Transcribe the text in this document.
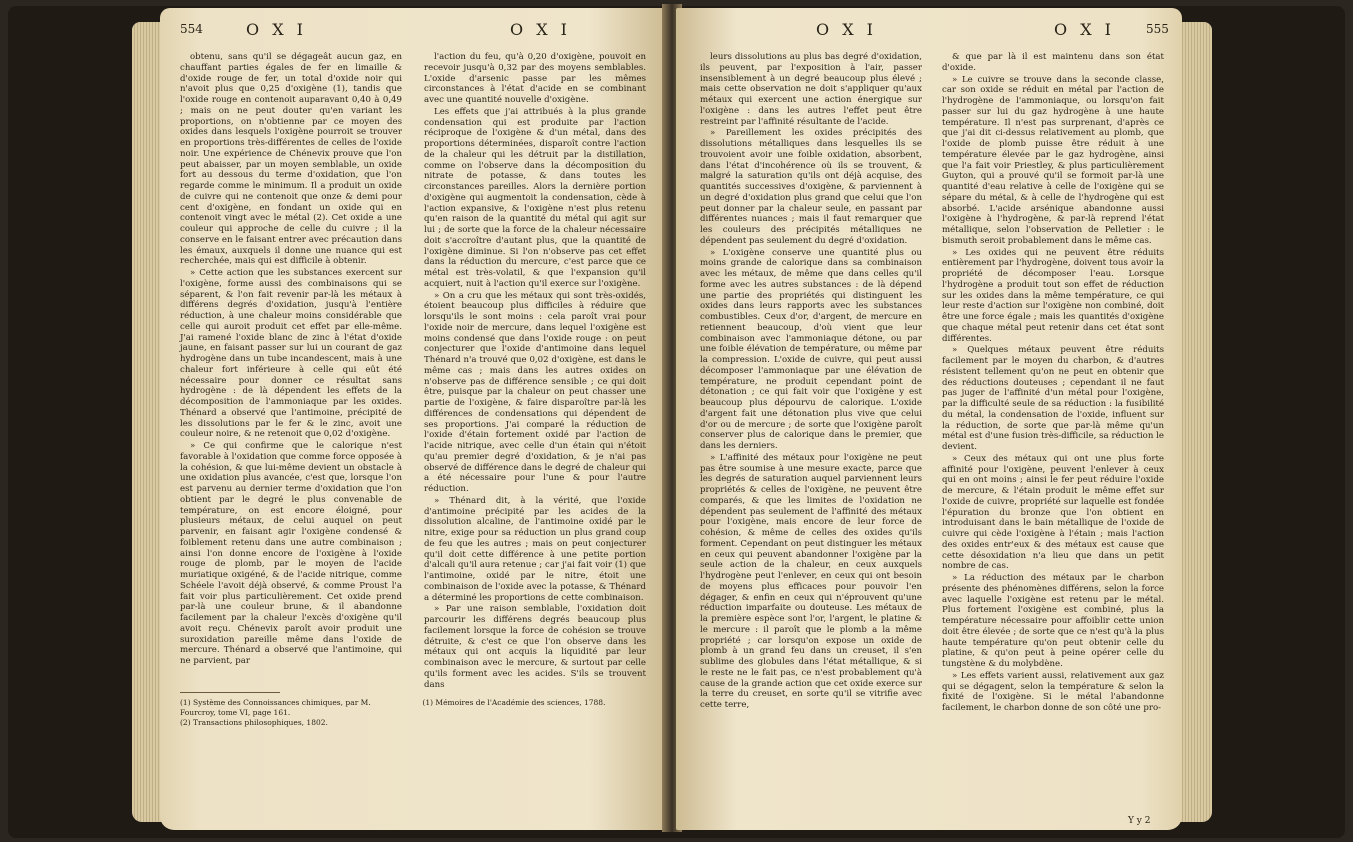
554	O X I	O X I

obtenu, sans qu'il se dégageât aucun gaz, en chauffant parties égales de fer en limaille & d'oxide rouge de fer, un total d'oxide noir qui n'avoit plus que 0,25 d'oxigène (1), tandis que l'oxide rouge en contenoit auparavant 0,40 à 0,49 ; mais on ne peut douter qu'en variant les proportions, on n'obtienne par ce moyen des oxides dans lesquels l'oxigène pourroit se trouver en proportions très-différentes de celles de l'oxide noir. Une expérience de Chénevix prouve que l'on peut abaisser, par un moyen semblable, un oxide fort au dessous du terme d'oxidation, que l'on regarde comme le minimum. Il a produit un oxide de cuivre qui ne contenoit que onze & demi pour cent d'oxigène, en fondant un oxide qui en contenoit vingt avec le métal (2). Cet oxide a une couleur qui approche de celle du cuivre ; il la conserve en le faisant entrer avec précaution dans les émaux, auxquels il donne une nuance qui est recherchée, mais qui est difficile à obtenir.

» Cette action que les substances exercent sur l'oxigène, forme aussi des combinaisons qui se séparent, & l'on fait revenir par-là les métaux à différens degrés d'oxidation, jusqu'à l'entière réduction, à une chaleur moins considérable que celle qui auroit produit cet effet par elle-même. J'ai ramené l'oxide blanc de zinc à l'état d'oxide jaune, en faisant passer sur lui un courant de gaz hydrogène dans un tube incandescent, mais à une chaleur fort inférieure à celle qui eût été nécessaire pour donner ce résultat sans hydrogène : de là dépendent les effets de la décomposition de l'ammoniaque par les oxides. Thénard a observé que l'antimoine, précipité de les dissolutions par le fer & le zinc, avoit une couleur noire, & ne retenoit que 0,02 d'oxigène.

» Ce qui confirme que le calorique n'est favorable à l'oxidation que comme force opposée à la cohésion, & que lui-même devient un obstacle à une oxidation plus avancée, c'est que, lorsque l'on est parvenu au dernier terme d'oxidation que l'on obtient par le degré le plus convenable de température, on est encore éloigné, pour plusieurs métaux, de celui auquel on peut parvenir, en faisant agir l'oxigène condensé & foiblement retenu dans une autre combinaison ; ainsi l'on donne encore de l'oxigène à l'oxide rouge de plomb, par le moyen de l'acide muriatique oxigéné, & de l'acide nitrique, comme Schéele l'avoit déjà observé, & comme Proust l'a fait voir plus particulièrement. Cet oxide prend par-là une couleur brune, & il abandonne facilement par la chaleur l'excès d'oxigène qu'il avoit reçu. Chénevix paroît avoir produit une suroxidation pareille même dans l'oxide de mercure. Thénard a observé que l'antimoine, qui ne parvient, par

l'action du feu, qu'à 0,20 d'oxigène, pouvoit en recevoir jusqu'à 0,32 par des moyens semblables. L'oxide d'arsenic passe par les mêmes circonstances à l'état d'acide en se combinant avec une quantité nouvelle d'oxigène.

Les effets que j'ai attribués à la plus grande condensation qui est produite par l'action réciproque de l'oxigène & d'un métal, dans des proportions déterminées, disparoît contre l'action de la chaleur qui les détruit par la distillation, comme on l'observe dans la décomposition du nitrate de potasse, & dans toutes les circonstances pareilles. Alors la dernière portion d'oxigène qui augmentoit la condensation, cède à l'action expansive, & l'oxigène n'est plus retenu qu'en raison de la quantité du métal qui agit sur lui ; de sorte que la force de la chaleur nécessaire doit s'accroître d'autant plus, que la quantité de l'oxigène diminue. Si l'on n'observe pas cet effet dans la réduction du mercure, c'est parce que ce métal est très-volatil, & que l'expansion qu'il acquiert, nuit à l'action qu'il exerce sur l'oxigène.

» On a cru que les métaux qui sont très-oxidés, étoient beaucoup plus difficiles à réduire que lorsqu'ils le sont moins : cela paroît vrai pour l'oxide noir de mercure, dans lequel l'oxigène est moins condensé que dans l'oxide rouge : on peut conjecturer que l'oxide d'antimoine dans lequel Thénard n'a trouvé que 0,02 d'oxigène, est dans le même cas ; mais dans les autres oxides on n'observe pas de différence sensible ; ce qui doit être, puisque par la chaleur on peut chasser une partie de l'oxigène, & faire disparoître par-là les différences de condensations qui dépendent de ses proportions. J'ai comparé la réduction de l'oxide d'étain fortement oxidé par l'action de l'acide nitrique, avec celle d'un étain qui n'étoit qu'au premier degré d'oxidation, & je n'ai pas observé de différence dans le degré de chaleur qui a été nécessaire pour l'une & pour l'autre réduction.

» Thénard dit, à la vérité, que l'oxide d'antimoine précipité par les acides de la dissolution alcaline, de l'antimoine oxidé par le nitre, exige pour sa réduction un plus grand coup de feu que les autres ; mais on peut conjecturer qu'il doit cette différence à une petite portion d'alcali qu'il aura retenue ; car j'ai fait voir (1) que l'antimoine, oxidé par le nitre, étoit une combinaison de l'oxide avec la potasse, & Thénard a déterminé les proportions de cette combinaison.

» Par une raison semblable, l'oxidation doit parcourir les différens degrés beaucoup plus facilement lorsque la force de cohésion se trouve détruite, & c'est ce que l'on observe dans les métaux qui ont acquis la liquidité par leur combinaison avec le mercure, & surtout par celle qu'ils forment avec les acides. S'ils se trouvent dans

(1) Système des Connoissances chimiques, par M. Fourcroy, tome VI, page 161.
(2) Transactions philosophiques, 1802.

(1) Mémoires de l'Académie des sciences, 1788.
O X I	O X I	555

leurs dissolutions au plus bas degré d'oxidation, ils peuvent, par l'exposition à l'air, passer insensiblement à un degré beaucoup plus élevé ; mais cette observation ne doit s'appliquer qu'aux métaux qui exercent une action énergique sur l'oxigène : dans les autres l'effet peut être restreint par l'affinité résultante de l'acide.

» Pareillement les oxides précipités des dissolutions métalliques dans lesquelles ils se trouvoient avoir une foible oxidation, absorbent, dans l'état d'incohérence où ils se trouvent, & malgré la saturation qu'ils ont déjà acquise, des quantités successives d'oxigène, & parviennent à un degré d'oxidation plus grand que celui que l'on peut donner par la chaleur seule, en passant par différentes nuances ; mais il faut remarquer que les couleurs des précipités métalliques ne dépendent pas seulement du degré d'oxidation.

» L'oxigène conserve une quantité plus ou moins grande de calorique dans sa combinaison avec les métaux, de même que dans celles qu'il forme avec les autres substances : de là dépend une partie des propriétés qui distinguent les oxides dans leurs rapports avec les substances combustibles. Ceux d'or, d'argent, de mercure en retiennent beaucoup, d'où vient que leur combinaison avec l'ammoniaque détone, ou par une foible élévation de température, ou même par la compression. L'oxide de cuivre, qui peut aussi décomposer l'ammoniaque par une élévation de température, ne produit cependant point de détonation ; ce qui fait voir que l'oxigène y est beaucoup plus dépourvu de calorique. L'oxide d'argent fait une détonation plus vive que celui d'or ou de mercure ; de sorte que l'oxigène paroît conserver plus de calorique dans le premier, que dans les derniers.

» L'affinité des métaux pour l'oxigène ne peut pas être soumise à une mesure exacte, parce que les degrés de saturation auquel parviennent leurs propriétés & celles de l'oxigène, ne peuvent être comparés, & que les limites de l'oxidation ne dépendent pas seulement de l'affinité des métaux pour l'oxigène, mais encore de leur force de cohésion, & même de celles des oxides qu'ils forment. Cependant on peut distinguer les métaux en ceux qui peuvent abandonner l'oxigène par la seule action de la chaleur, en ceux auxquels l'hydrogène peut l'enlever, en ceux qui ont besoin de moyens plus efficaces pour pouvoir l'en dégager, & enfin en ceux qui n'éprouvent qu'une réduction imparfaite ou douteuse. Les métaux de la première espèce sont l'or, l'argent, le platine & le mercure : il paroît que le plomb a la même propriété ; car lorsqu'on expose un oxide de plomb à un grand feu dans un creuset, il s'en sublime des globules dans l'état métallique, & si le reste ne le fait pas, ce n'est probablement qu'à cause de la grande action que cet oxide exerce sur la terre du creuset, en sorte qu'il se vitrifie avec cette terre,

& que par là il est maintenu dans son état d'oxide.

» Le cuivre se trouve dans la seconde classe, car son oxide se réduit en métal par l'action de l'hydrogène de l'ammoniaque, ou lorsqu'on fait passer sur lui du gaz hydrogène à une haute température. Il n'est pas surprenant, d'après ce que j'ai dit ci-dessus relativement au plomb, que l'oxide de plomb puisse être réduit à une température élevée par le gaz hydrogène, ainsi que l'a fait voir Priestley, & plus particulièrement Guyton, qui a prouvé qu'il se formoit par-là une quantité d'eau relative à celle de l'oxigène qui se sépare du métal, & à celle de l'hydrogène qui est absorbé. L'acide arsénique abandonne aussi l'oxigène à l'hydrogène, & par-là reprend l'état métallique, selon l'observation de Pelletier : le bismuth seroit probablement dans le même cas.

» Les oxides qui ne peuvent être réduits entièrement par l'hydrogène, doivent tous avoir la propriété de décomposer l'eau. Lorsque l'hydrogène a produit tout son effet de réduction sur les oxides dans la même température, ce qui leur reste d'action sur l'oxigène non combiné, doit être une force égale ; mais les quantités d'oxigène que chaque métal peut retenir dans cet état sont différentes.

» Quelques métaux peuvent être réduits facilement par le moyen du charbon, & d'autres résistent tellement qu'on ne peut en obtenir que des réductions douteuses ; cependant il ne faut pas juger de l'affinité d'un métal pour l'oxigène, par la difficulté seule de sa réduction : la fusibilité du métal, la condensation de l'oxide, influent sur la réduction, de sorte que par-là même qu'un métal est d'une fusion très-difficile, sa réduction le devient.

» Ceux des métaux qui ont une plus forte affinité pour l'oxigène, peuvent l'enlever à ceux qui en ont moins ; ainsi le fer peut réduire l'oxide de mercure, & l'étain produit le même effet sur l'oxide de cuivre, propriété sur laquelle est fondée l'épuration du bronze que l'on obtient en introduisant dans le bain métallique de l'oxide de cuivre qui cède l'oxigène à l'étain ; mais l'action des oxides entr'eux & des métaux est cause que cette désoxidation n'a lieu que dans un petit nombre de cas.

» La réduction des métaux par le charbon présente des phénomènes différens, selon la force avec laquelle l'oxigène est retenu par le métal. Plus fortement l'oxigène est combiné, plus la température nécessaire pour affoiblir cette union doit être élevée ; de sorte que ce n'est qu'à la plus haute température qu'on peut obtenir celle du platine, & qu'on peut à peine opérer celle du tungstène & du molybdène.

» Les effets varient aussi, relativement aux gaz qui se dégagent, selon la température & selon la fixité de l'oxigène. Si le métal l'abandonne facilement, le charbon donne de son côté une pro-

Y y 2
